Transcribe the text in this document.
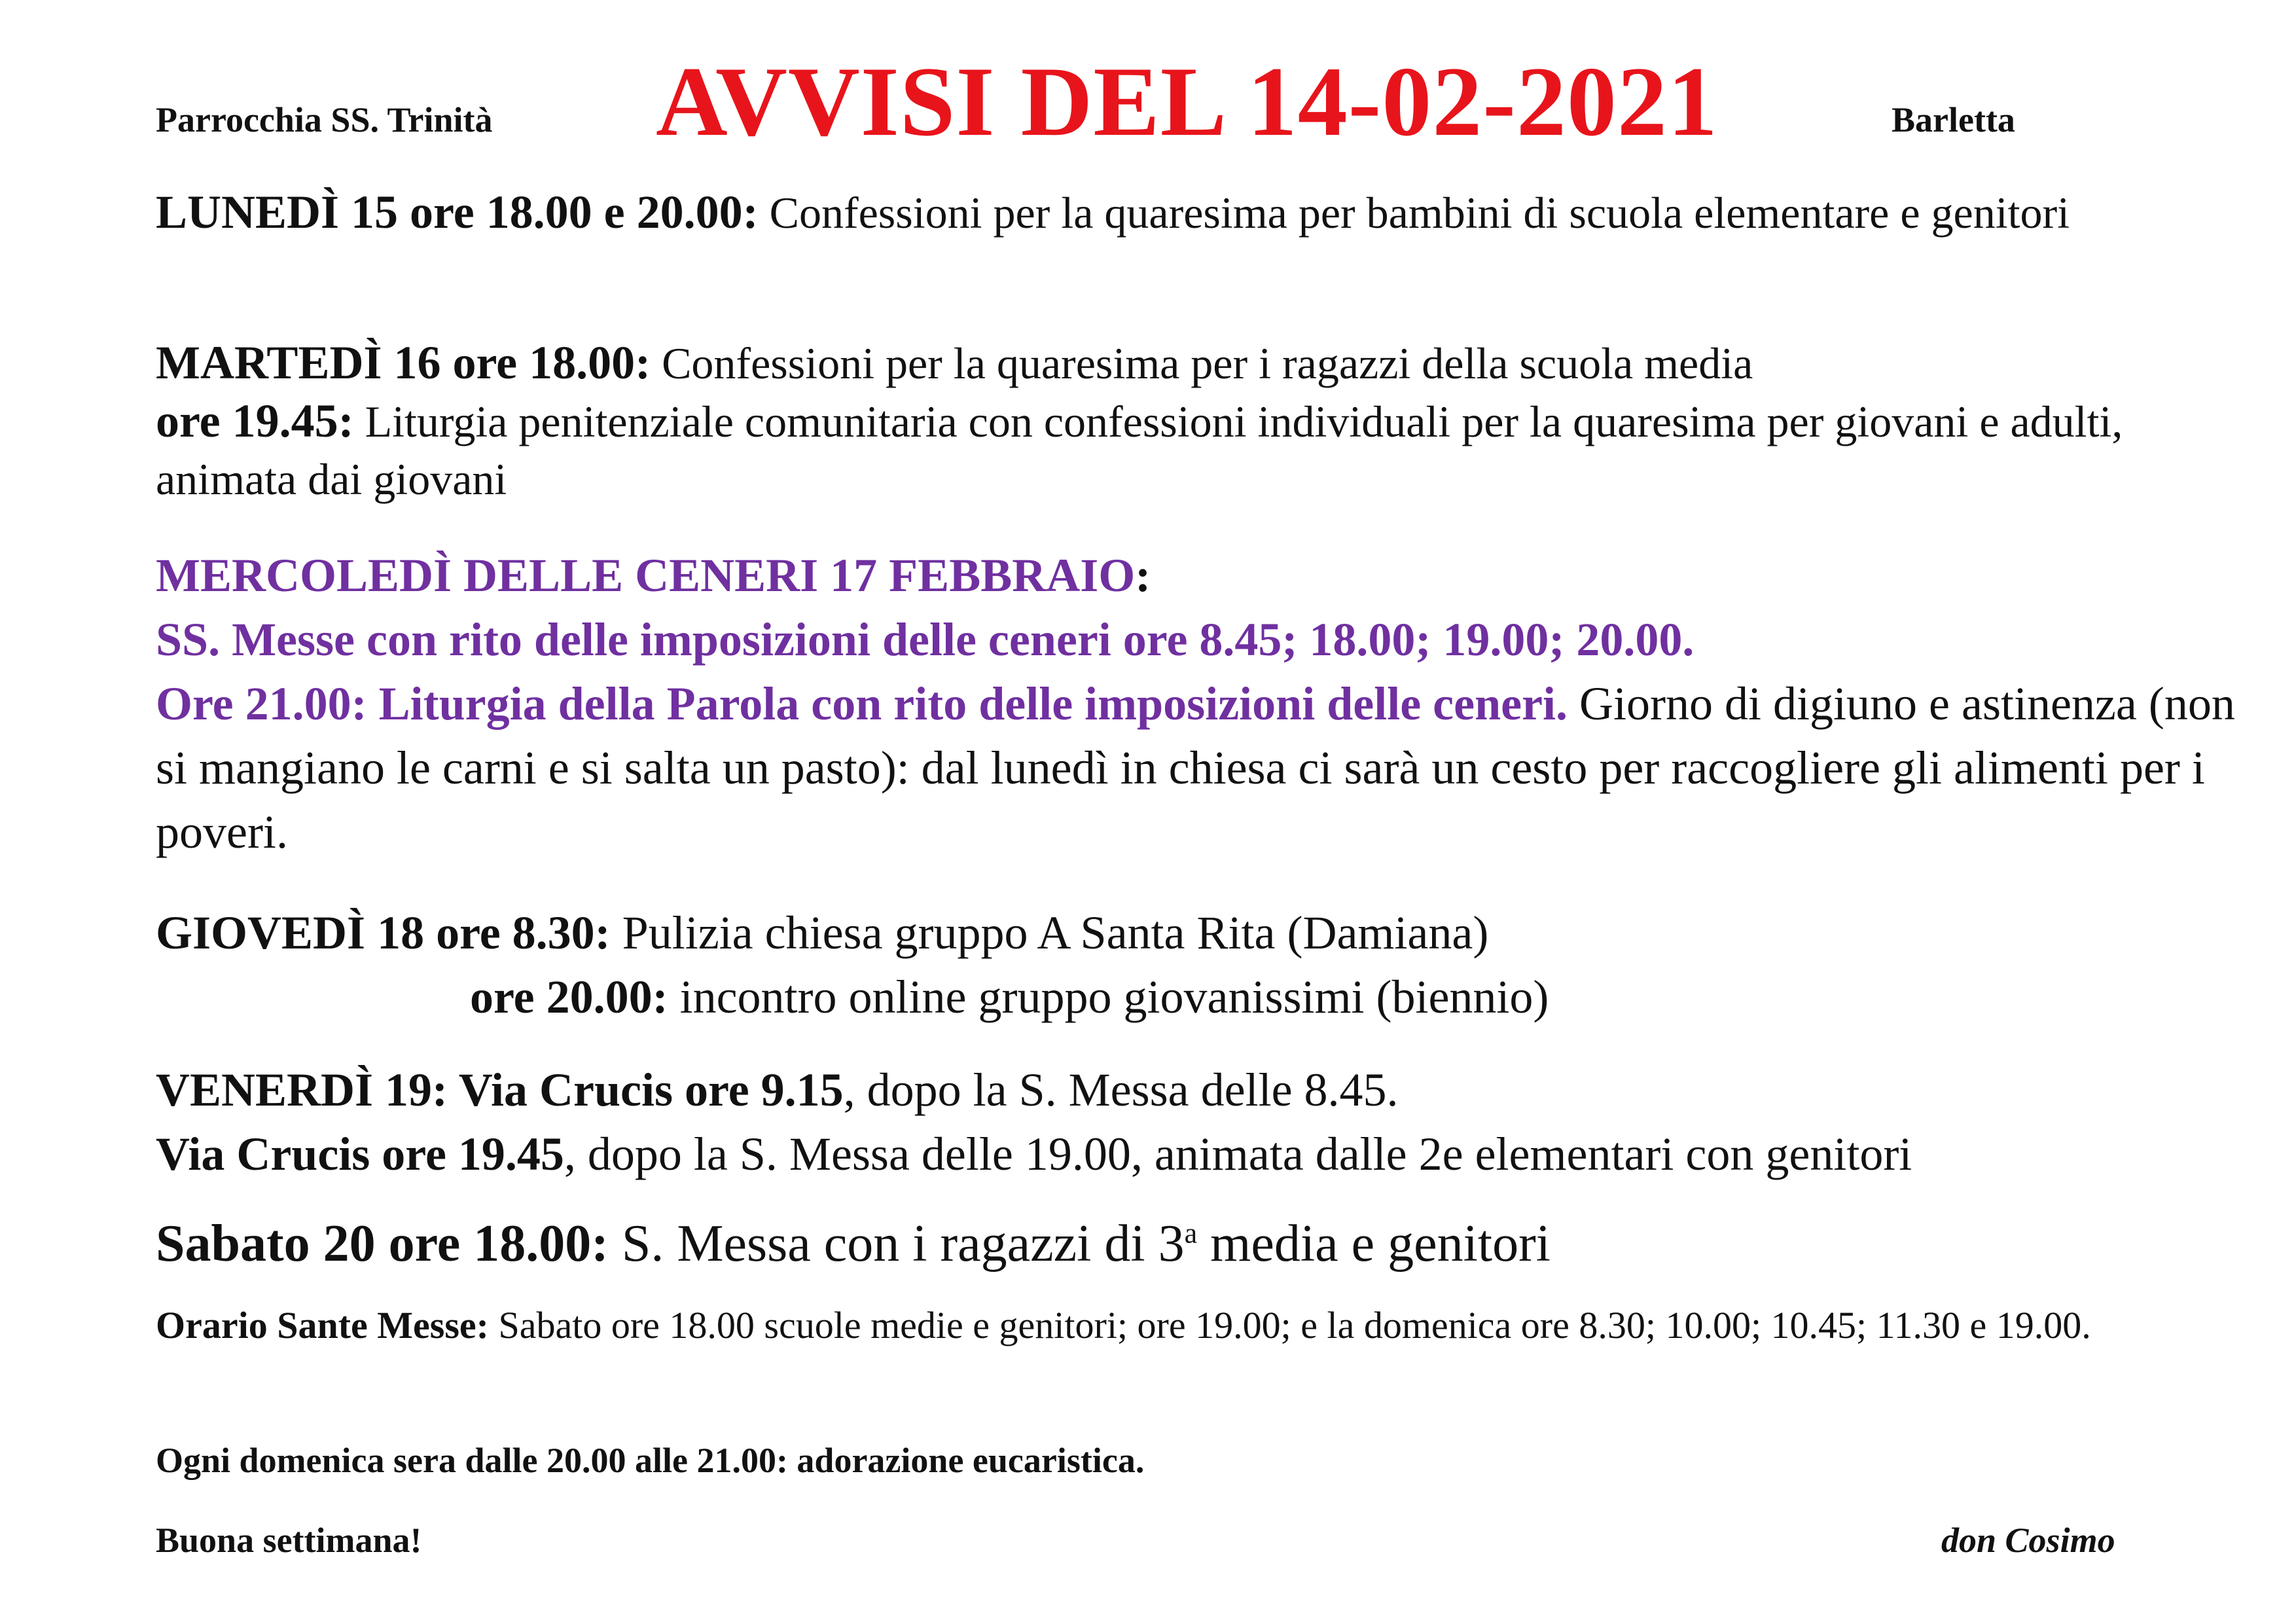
Parrocchia SS. Trinità AVVISI DEL 14-02-2021	Barletta
LUNEDÌ 15 ore 18.00 e 20.00: Confessioni per la quaresima per bambini di scuola elementare e genitori
MARTEDÌ 16 ore 18.00: Confessioni per la quaresima per i ragazzi della scuola media
ore 19.45: Liturgia penitenziale comunitaria con confessioni individuali per la quaresima per giovani e adulti, animata dai giovani
MERCOLEDÌ DELLE CENERI 17 FEBBRAIO:
SS. Messe con rito delle imposizioni delle ceneri ore 8.45; 18.00; 19.00; 20.00.
Ore 21.00: Liturgia della Parola con rito delle imposizioni delle ceneri. Giorno di digiuno e astinenza (non si mangiano le carni e si salta un pasto): dal lunedì in chiesa ci sarà un cesto per raccogliere gli alimenti per i poveri.
GIOVEDÌ 18 ore 8.30: Pulizia chiesa gruppo A Santa Rita (Damiana)
ore 20.00: incontro online gruppo giovanissimi (biennio)
VENERDÌ 19: Via Crucis ore 9.15, dopo la S. Messa delle 8.45.
Via Crucis ore 19.45, dopo la S. Messa delle 19.00, animata dalle 2e elementari con genitori
Sabato 20 ore 18.00: S. Messa con i ragazzi di 3$^a$ media e genitori
Orario Sante Messe: Sabato ore 18.00 scuole medie e genitori; ore 19.00; e la domenica ore 8.30; 10.00; 10.45; 11.30 e 19.00.
Ogni domenica sera dalle 20.00 alle 21.00: adorazione eucaristica.
Buona settimana!	don Cosimo
